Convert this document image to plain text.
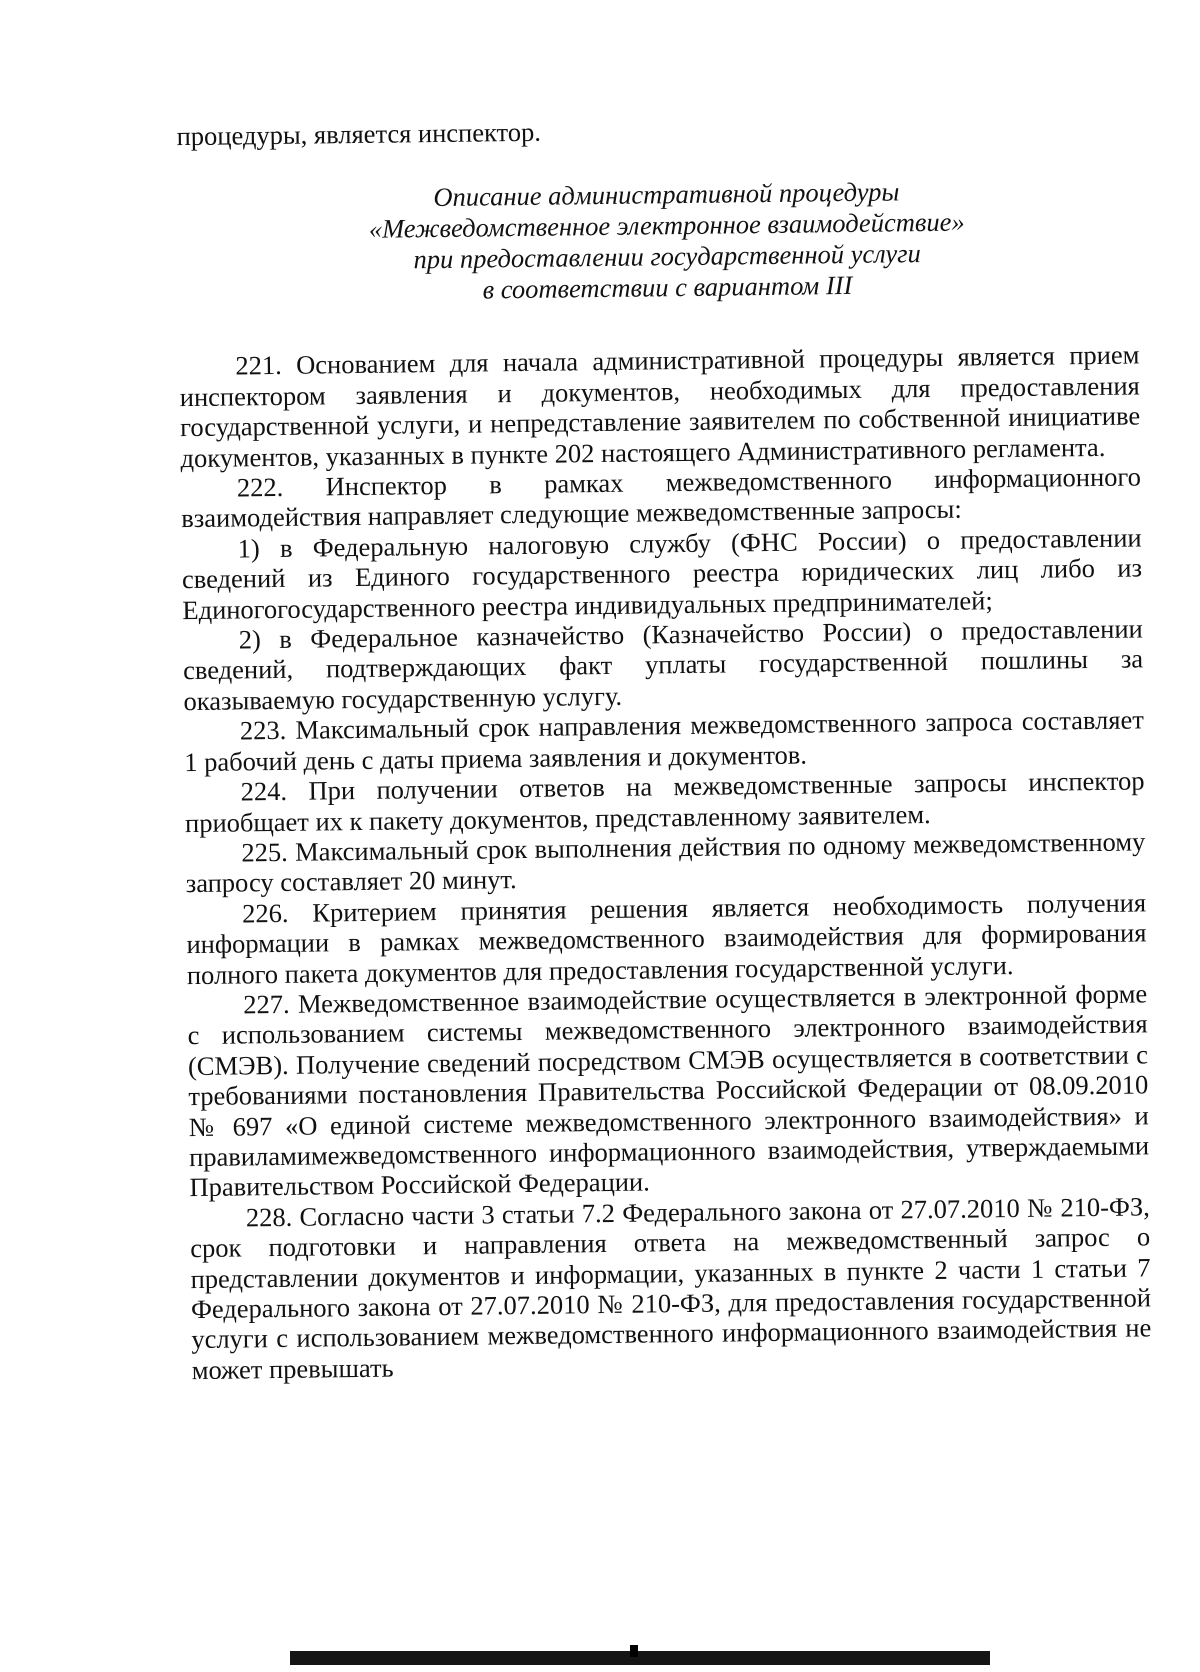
процедуры, является инспектор.

Описание административной процедуры
«Межведомственное электронное взаимодействие»
при предоставлении государственной услуги
в соответствии с вариантом III

221. Основанием для начала административной процедуры является прием инспектором заявления и документов, необходимых для предоставления государственной услуги, и непредставление заявителем по собственной инициативе документов, указанных в пункте 202 настоящего Административного регламента.

222. Инспектор в рамках межведомственного информационного взаимодействия направляет следующие межведомственные запросы:

1) в Федеральную налоговую службу (ФНС России) о предоставлении сведений из Единого государственного реестра юридических лиц либо из Единогогосударственного реестра индивидуальных предпринимателей;

2) в Федеральное казначейство (Казначейство России) о предоставлении сведений, подтверждающих факт уплаты государственной пошлины за оказываемую государственную услугу.

223. Максимальный срок направления межведомственного запроса составляет 1 рабочий день с даты приема заявления и документов.

224. При получении ответов на межведомственные запросы инспектор приобщает их к пакету документов, представленному заявителем.

225. Максимальный срок выполнения действия по одному межведомственному запросу составляет 20 минут.

226. Критерием принятия решения является необходимость получения информации в рамках межведомственного взаимодействия для формирования полного пакета документов для предоставления государственной услуги.

227. Межведомственное взаимодействие осуществляется в электронной форме с использованием системы межведомственного электронного взаимодействия (СМЭВ). Получение сведений посредством СМЭВ осуществляется в соответствии с требованиями постановления Правительства Российской Федерации от 08.09.2010 № 697 «О единой системе межведомственного электронного взаимодействия» и правиламимежведомственного информационного взаимодействия, утверждаемыми Правительством Российской Федерации.

228. Согласно части 3 статьи 7.2 Федерального закона от 27.07.2010 № 210-ФЗ, срок подготовки и направления ответа на межведомственный запрос о представлении документов и информации, указанных в пункте 2 части 1 статьи 7 Федерального закона от 27.07.2010 № 210-ФЗ, для предоставления государственной услуги с использованием межведомственного информационного взаимодействия не может превышать
